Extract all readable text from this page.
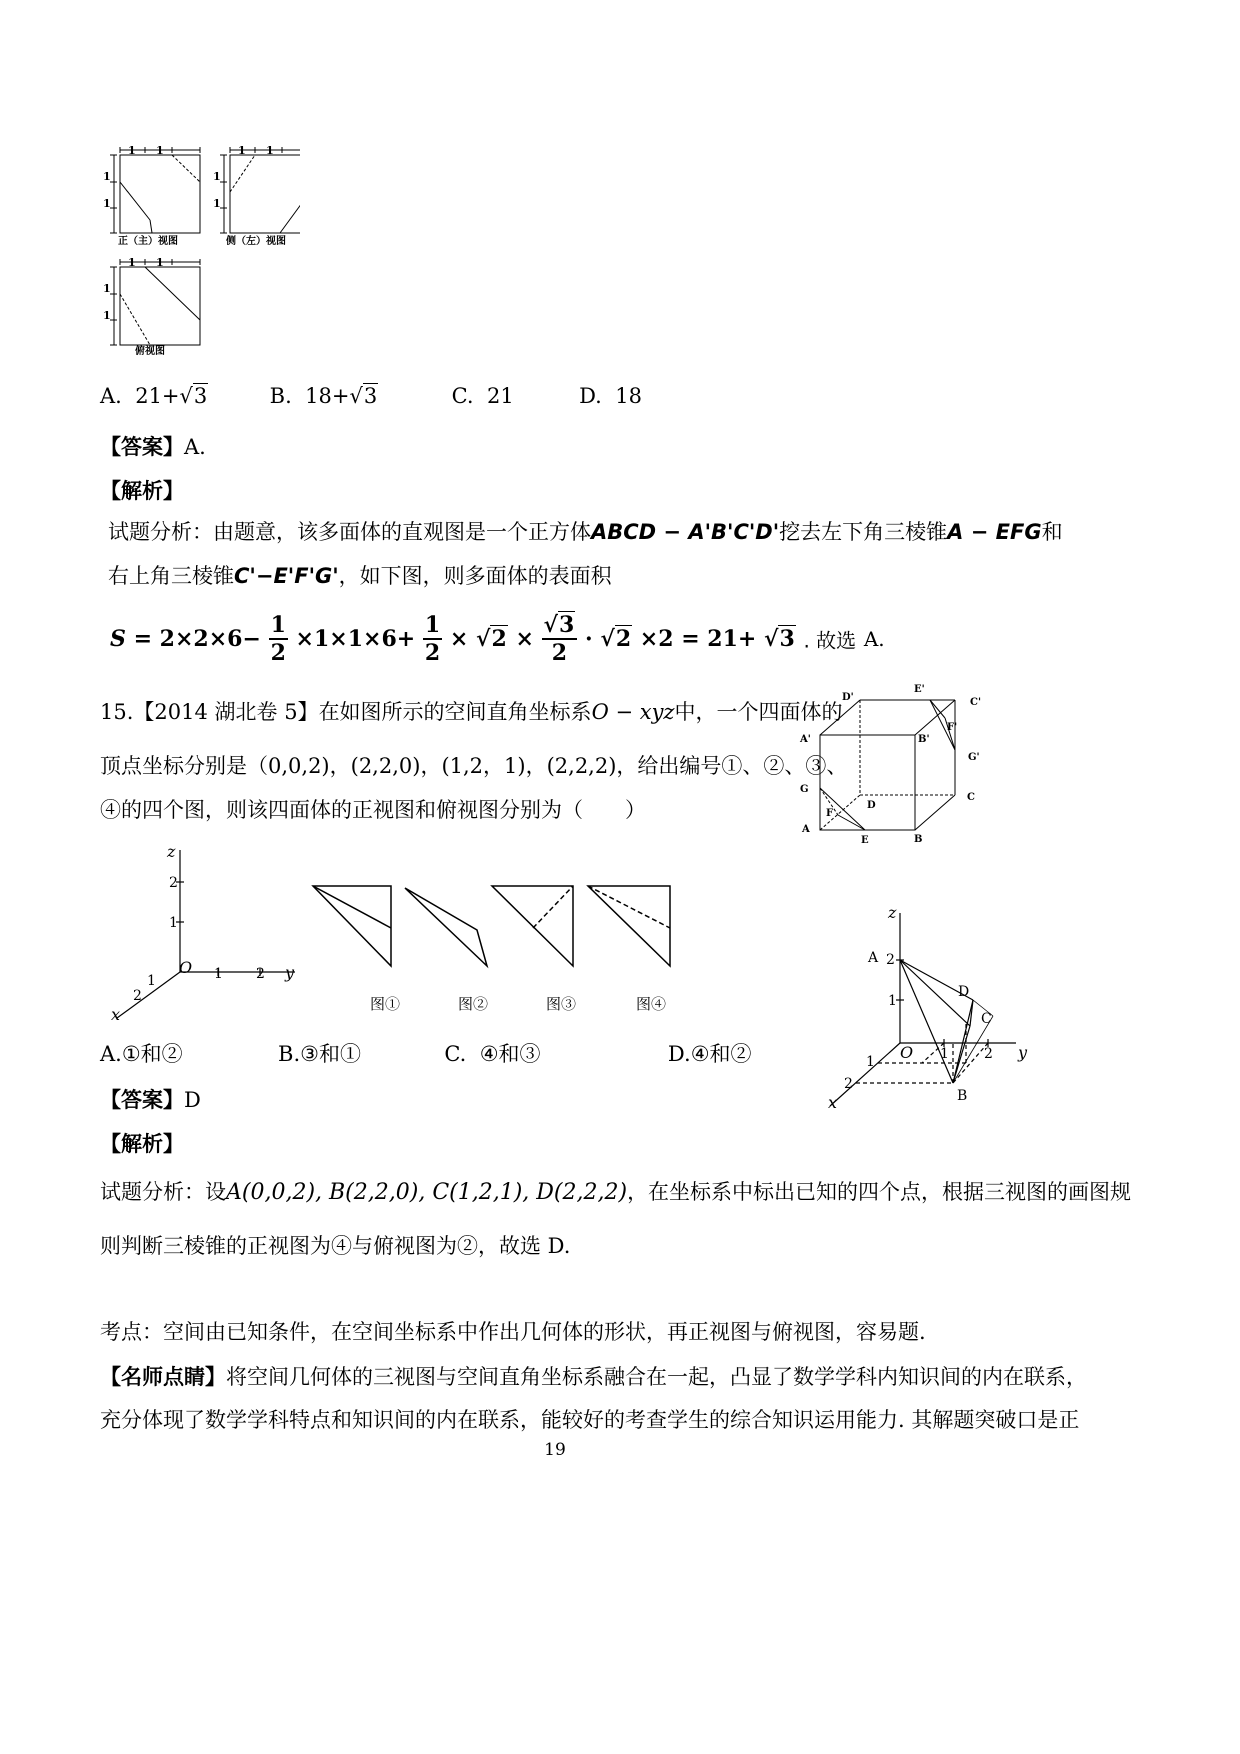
1 1
1
1
1 1
1
1
1 1
1
1
正（主）视图	侧（左）视图
俯视图
A. 21+√3	B. 18+√3	C. 21	D. 18
【答案】A.
【解析】
试题分析：由题意，该多面体的直观图是一个正方体ABCD − A'B'C'D'挖去左下角三棱锥A − EFG和
右上角三棱锥C'−E'F'G'，如下图，则多面体的表面积
$S = 2\times 2\times 6- \frac{1}{2} \times 1\times 1\times 6+ \frac{1}{2} \times √2 \times \frac{√3}{2} \cdot √2 \times 2 = 21+ √3$ . 故选 A.
15.【2014 湖北卷 5】在如图所示的空间直角坐标系O − xyz中，一个四面体的
顶点坐标分别是（0,0,2)，(2,2,0)，(1,2，1)，(2,2,2)，给出编号①、②、③、
④的四个图，则该四面体的正视图和俯视图分别为（　　）
A
B
C
D
E
F
G
A'	B'
C'
D'
E'
F'
G'
z
2
1
O 1 2 y
1
2
x
图①	图②	图③	图④
z
A 2
1
D
C
O 1	2 y
1
2
x	B
A.①和②	B.③和①	C. ④和③	D.④和②
【答案】D
【解析】
试题分析：设A(0,0,2), B(2,2,0), C(1,2,1), D(2,2,2)，在坐标系中标出已知的四个点，根据三视图的画图规
则判断三棱锥的正视图为④与俯视图为②，故选 D.
考点：空间由已知条件，在空间坐标系中作出几何体的形状，再正视图与俯视图，容易题.
【名师点睛】将空间几何体的三视图与空间直角坐标系融合在一起，凸显了数学学科内知识间的内在联系，
充分体现了数学学科特点和知识间的内在联系，能较好的考查学生的综合知识运用能力. 其解题突破口是正
19
